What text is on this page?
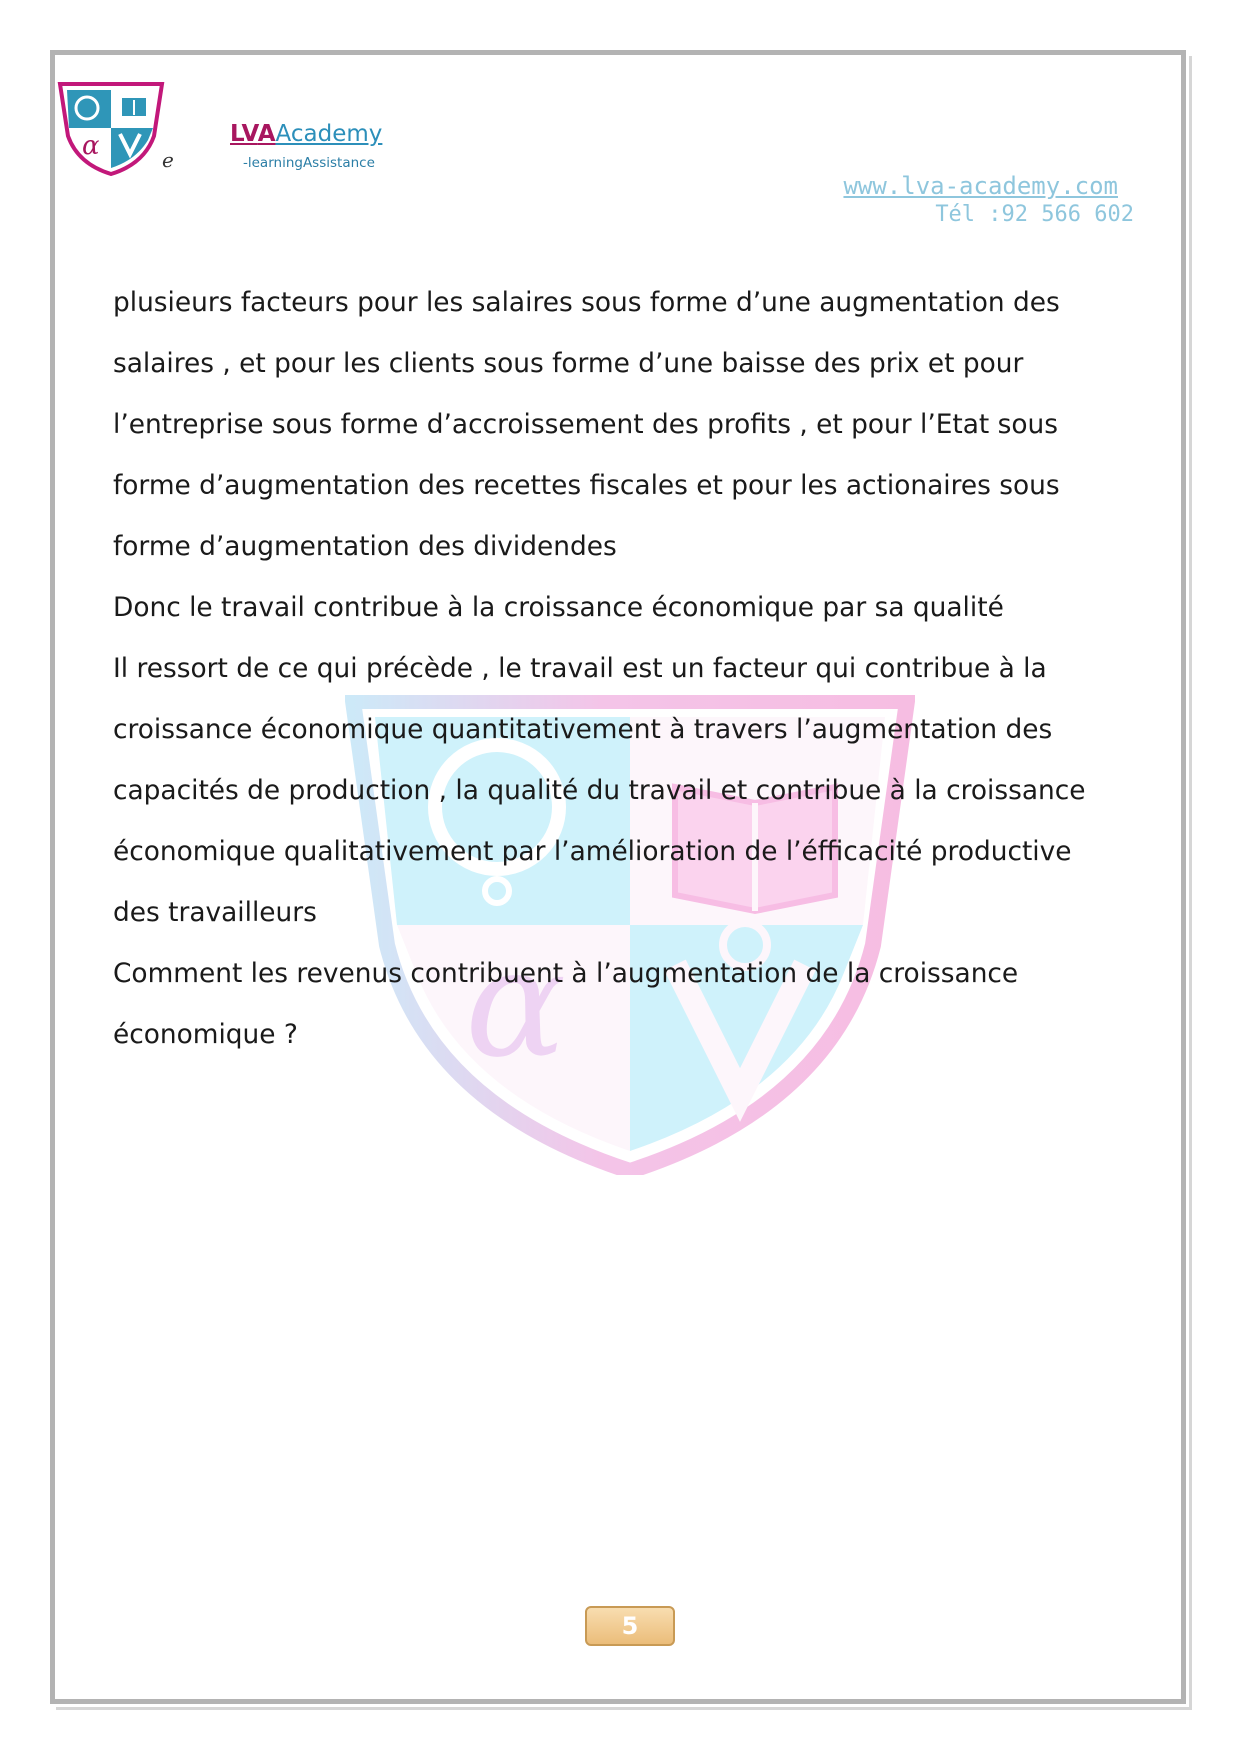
α	LVAAcademy
e	-learningAssistance
www.lva-academy.com
Tél :92 566 602
α
plusieurs facteurs pour les salaires sous forme d’une augmentation des
salaires , et pour les clients sous forme d’une baisse des prix et pour
l’entreprise sous forme d’accroissement des profits , et pour l’Etat sous
forme d’augmentation des recettes fiscales et pour les actionaires sous
forme d’augmentation des dividendes
Donc le travail contribue à la croissance économique par sa qualité
Il ressort de ce qui précède , le travail est un facteur qui contribue à la
croissance économique quantitativement à travers l’augmentation des
capacités de production , la qualité du travail et contribue à la croissance
économique qualitativement par l’amélioration de l’éfficacité productive
des travailleurs
Comment les revenus contribuent à l’augmentation de la croissance
économique ?
5
